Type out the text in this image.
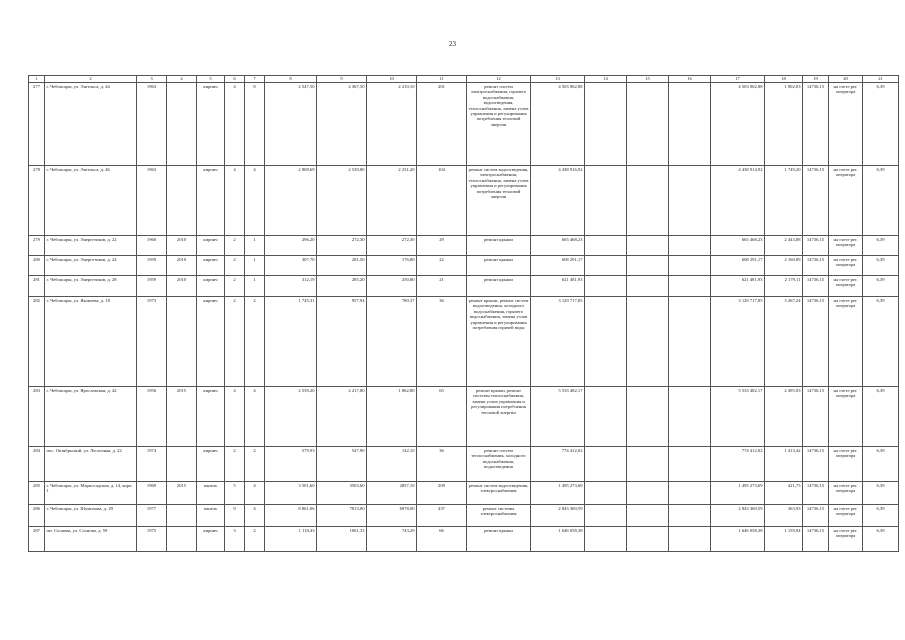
23
1	2	3	4	5	6	7	8	9	10	11	12	13	14	15	16	17	18	19	20	21
277	г. Чебоксары, ул. Энгельса, д. 44	1963		кирпич	4	8	2 547,50	2 367,50	2 210,10	201	ремонт систем электроснабжения, горячего водоснабжения, водоотведения, теплоснабжения, замена узлов управления и регулирования потребления тепловой энергии	4 503 062,88				4 503 062,88	1 902,03	14736,15	на счете рег. оператора	6,39
278	г. Чебоксары, ул. Энгельса, д. 46	1963		кирпич	4	4	2 808,69	2 539,80	2 231,20	104	ремонт систем водоотведения, электроснабжения, теплоснабжения, замена узлов управления и регулирования потребления тепловой энергии	4 438 916,92				4 438 914,92	1 749,20	14736,15	на счете рег. оператора	6,39
279	г. Чебоксары, ул. Энергетиков, д. 22	1960	2010	кирпич	2	1	296,20	272,30	272,30	29	ремонт крыши	665 468,23				665 468,23	2 443,88	14736,15	на счете рег. оператора	6,39
280	г. Чебоксары, ул. Энергетиков, д. 24	1959	2010	кирпич	2	1	307,70	281,50	176,80	22	ремонт крыши	608 291,17				608 291,17	2 160,89	14736,15	на счете рег. оператора	6,39
281	г. Чебоксары, ул. Энергетиков, д. 28	1959	2010	кирпич	2	1	312,19	285,20	250,80	21	ремонт крыши	621 481,93				621 481,93	2 179,11	14736,15	на счете рег. оператора	6,39
282	г. Чебоксары, ул. Яковлева, д. 18	1973		кирпич	2	2	1 745,31	957,94	780,37	36	ремонт крыши, ремонт систем водоотведения, холодного водоснабжения, горячего водоснабжения, замена узлов управления и регулирования потребления горячей воды	3 129 717,85				3 129 717,85	3 267,24	14736,15	на счете рег. оператора	6,39
283	г. Чебоксары, ул. Ярославская, д. 42	1956	2015	кирпич	4	4	2 539,20	2 217,80	1 862,80	65	ремонт крыши, ремонт системы теплоснабжения, замена узлов управления и регулирования потребления тепловой энергии	5 533 482,17				5 533 482,17	2 495,03	14736,15	на счете рег. оператора	6,39
284	пос. Октябрьский, ул. Лесхозная, д. 22	1974		кирпич	2	2	579,93	547,90	142,10	36	ремонт систем теплоснабжения, холодного водоснабжения, водоотведения	774 412,02				774 412,02	1 413,42	14736,15	на счете рег. оператора	6,39
285	г. Чебоксары, ул. Марпосадская, д. 14, корп. 1	1969	2015	панель	5	4	3 501,60	3503,60	2857,10	209	ремонт систем водоотведения, электроснабжения	1 495 273,69				1 495 273,69	421,75	14736,15	на счете рег. оператора	6,39
286	г. Чебоксары, ул. Шумилова, д. 29	1977		панель	9	4	8 861,06	7813,00	6978,00	437	ремонт системы электроснабжения	2 843 369,59				2 843 369,59	363,93	14736,15	на счете рег. оператора	6,39
287	шт. Соснова, ул. Соснова, д. 59	1975		кирпич	3	2	1 118,43	1061,33	743,29	66	ремонт крыши	1 646 058,38				1 646 058,38	1 159,94	14736,15	на счете рег. оператора	6,39
